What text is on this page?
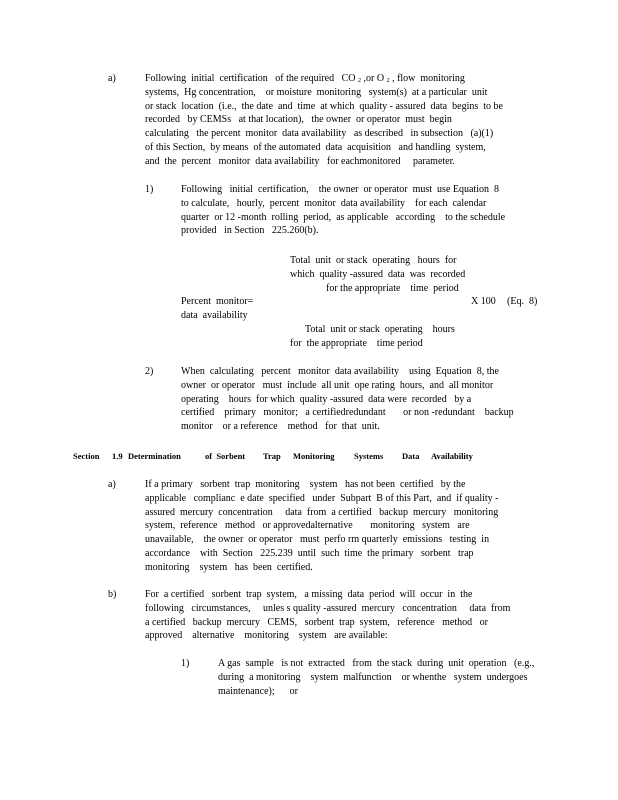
a)	Following  initial  certification   of the required   CO $_2$ ,or O $_2$ , flow  monitoring
systems,  Hg concentration,    or moisture  monitoring   system(s)  at a particular  unit
or stack  location  (i.e.,  the date  and  time  at which  quality - assured  data  begins  to be
recorded   by CEMSs   at that location),   the owner  or operator  must  begin
calculating   the percent  monitor  data availability   as described   in subsection   (a)(1)
of this Section,  by means  of the automated  data  acquisition   and handling  system,
and  the  percent   monitor  data availability   for eachmonitored     parameter.
1)	Following   initial  certification,    the owner  or operator  must  use Equation  8
to calculate,   hourly,  percent  monitor  data availability    for each  calendar
quarter  or 12 -month  rolling  period,  as applicable   according    to the schedule
provided   in Section   225.260(b).
Total  unit  or stack  operating   hours  for
which  quality -assured  data  was  recorded
for the appropriate    time  period
Percent  monitor=
data  availability
X 100 (Eq.  8)
Total  unit or stack  operating    hours
for  the appropriate    time period
2)	When  calculating   percent   monitor  data availability    using  Equation  8, the
owner  or operator   must  include  all unit  ope rating  hours,  and  all monitor
operating    hours  for which  quality -assured  data were  recorded   by a
certified    primary   monitor;   a certifiedredundant       or non -redundant    backup
monitor    or a reference    method   for  that  unit.
Section 1.9 Determination	of  Sorbent Trap Monitoring Systems Data Availability
a)	If a primary   sorbent  trap  monitoring    system   has not been  certified   by the
applicable   complianc  e date  specified   under  Subpart  B of this Part,  and  if quality -
assured  mercury  concentration     data  from  a certified   backup  mercury   monitoring
system,  reference   method   or approvedalternative       monitoring   system   are
unavailable,    the owner  or operator   must  perfo rm quarterly  emissions   testing  in
accordance    with  Section   225.239  until  such  time  the primary   sorbent   trap
monitoring    system   has  been  certified.
b)	For  a certified   sorbent  trap  system,   a missing  data  period  will  occur  in  the
following   circumstances,     unles s quality -assured  mercury   concentration     data  from
a certified   backup  mercury   CEMS,   sorbent  trap  system,   reference   method   or
approved    alternative    monitoring    system   are available:
1)	A gas  sample   is not  extracted   from  the stack  during  unit  operation   (e.g.,
during  a monitoring    system  malfunction    or whenthe   system  undergoes
maintenance);      or
